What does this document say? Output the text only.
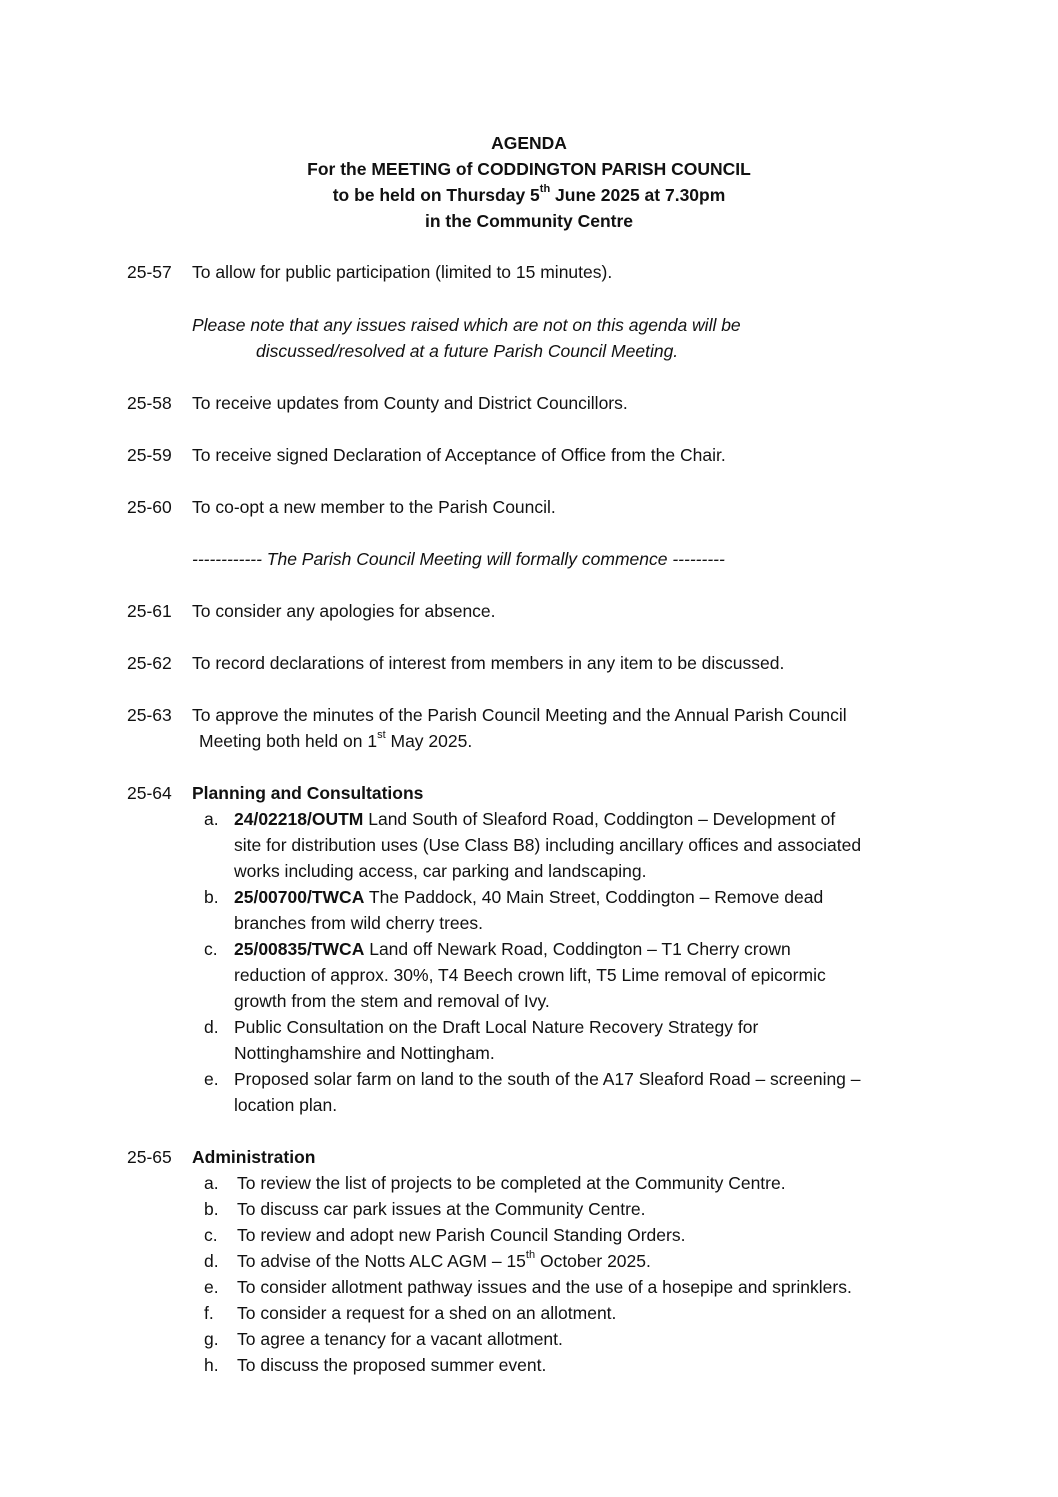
AGENDA
For the MEETING of CODDINGTON PARISH COUNCIL
to be held on Thursday 5th June 2025 at 7.30pm
in the Community Centre
25-57	To allow for public participation (limited to 15 minutes).
Please note that any issues raised which are not on this agenda will be
discussed/resolved at a future Parish Council Meeting.
25-58	To receive updates from County and District Councillors.
25-59	To receive signed Declaration of Acceptance of Office from the Chair.
25-60	To co-opt a new member to the Parish Council.
------------ The Parish Council Meeting will formally commence ---------
25-61	To consider any apologies for absence.
25-62	To record declarations of interest from members in any item to be discussed.
25-63	To approve the minutes of the Parish Council Meeting and the Annual Parish Council
Meeting both held on 1st May 2025.
25-64	Planning and Consultations
a. 24/02218/OUTM Land South of Sleaford Road, Coddington – Development of
site for distribution uses (Use Class B8) including ancillary offices and associated
works including access, car parking and landscaping.
b. 25/00700/TWCA The Paddock, 40 Main Street, Coddington – Remove dead
branches from wild cherry trees.
c. 25/00835/TWCA Land off Newark Road, Coddington – T1 Cherry crown
reduction of approx. 30%, T4 Beech crown lift, T5 Lime removal of epicormic
growth from the stem and removal of Ivy.
d. Public Consultation on the Draft Local Nature Recovery Strategy for
Nottinghamshire and Nottingham.
e. Proposed solar farm on land to the south of the A17 Sleaford Road – screening –
location plan.
25-65	Administration
a.	To review the list of projects to be completed at the Community Centre.
b.	To discuss car park issues at the Community Centre.
c.	To review and adopt new Parish Council Standing Orders.
d.	To advise of the Notts ALC AGM – 15th October 2025.
e.	To consider allotment pathway issues and the use of a hosepipe and sprinklers.
f.	To consider a request for a shed on an allotment.
g.	To agree a tenancy for a vacant allotment.
h.	To discuss the proposed summer event.
